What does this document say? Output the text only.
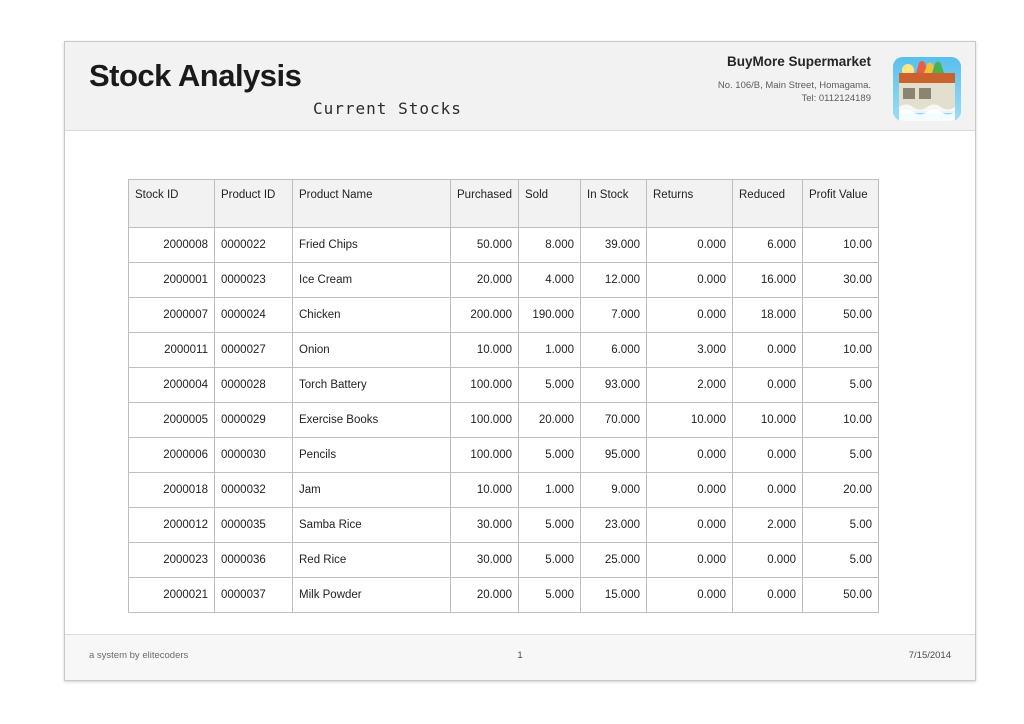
Stock Analysis
Current Stocks
BuyMore Supermarket
No. 106/B, Main Street, Homagama.
Tel: 0112124189
Stock ID	Product ID	Product Name	Purchased	Sold	In Stock	Returns	Reduced	Profit Value
2000008	0000022	Fried Chips	50.000	8.000	39.000	0.000	6.000	10.00
2000001	0000023	Ice Cream	20.000	4.000	12.000	0.000	16.000	30.00
2000007	0000024	Chicken	200.000	190.000	7.000	0.000	18.000	50.00
2000011	0000027	Onion	10.000	1.000	6.000	3.000	0.000	10.00
2000004	0000028	Torch Battery	100.000	5.000	93.000	2.000	0.000	5.00
2000005	0000029	Exercise Books	100.000	20.000	70.000	10.000	10.000	10.00
2000006	0000030	Pencils	100.000	5.000	95.000	0.000	0.000	5.00
2000018	0000032	Jam	10.000	1.000	9.000	0.000	0.000	20.00
2000012	0000035	Samba Rice	30.000	5.000	23.000	0.000	2.000	5.00
2000023	0000036	Red Rice	30.000	5.000	25.000	0.000	0.000	5.00
2000021	0000037	Milk Powder	20.000	5.000	15.000	0.000	0.000	50.00
a system by elitecoders	1	7/15/2014
